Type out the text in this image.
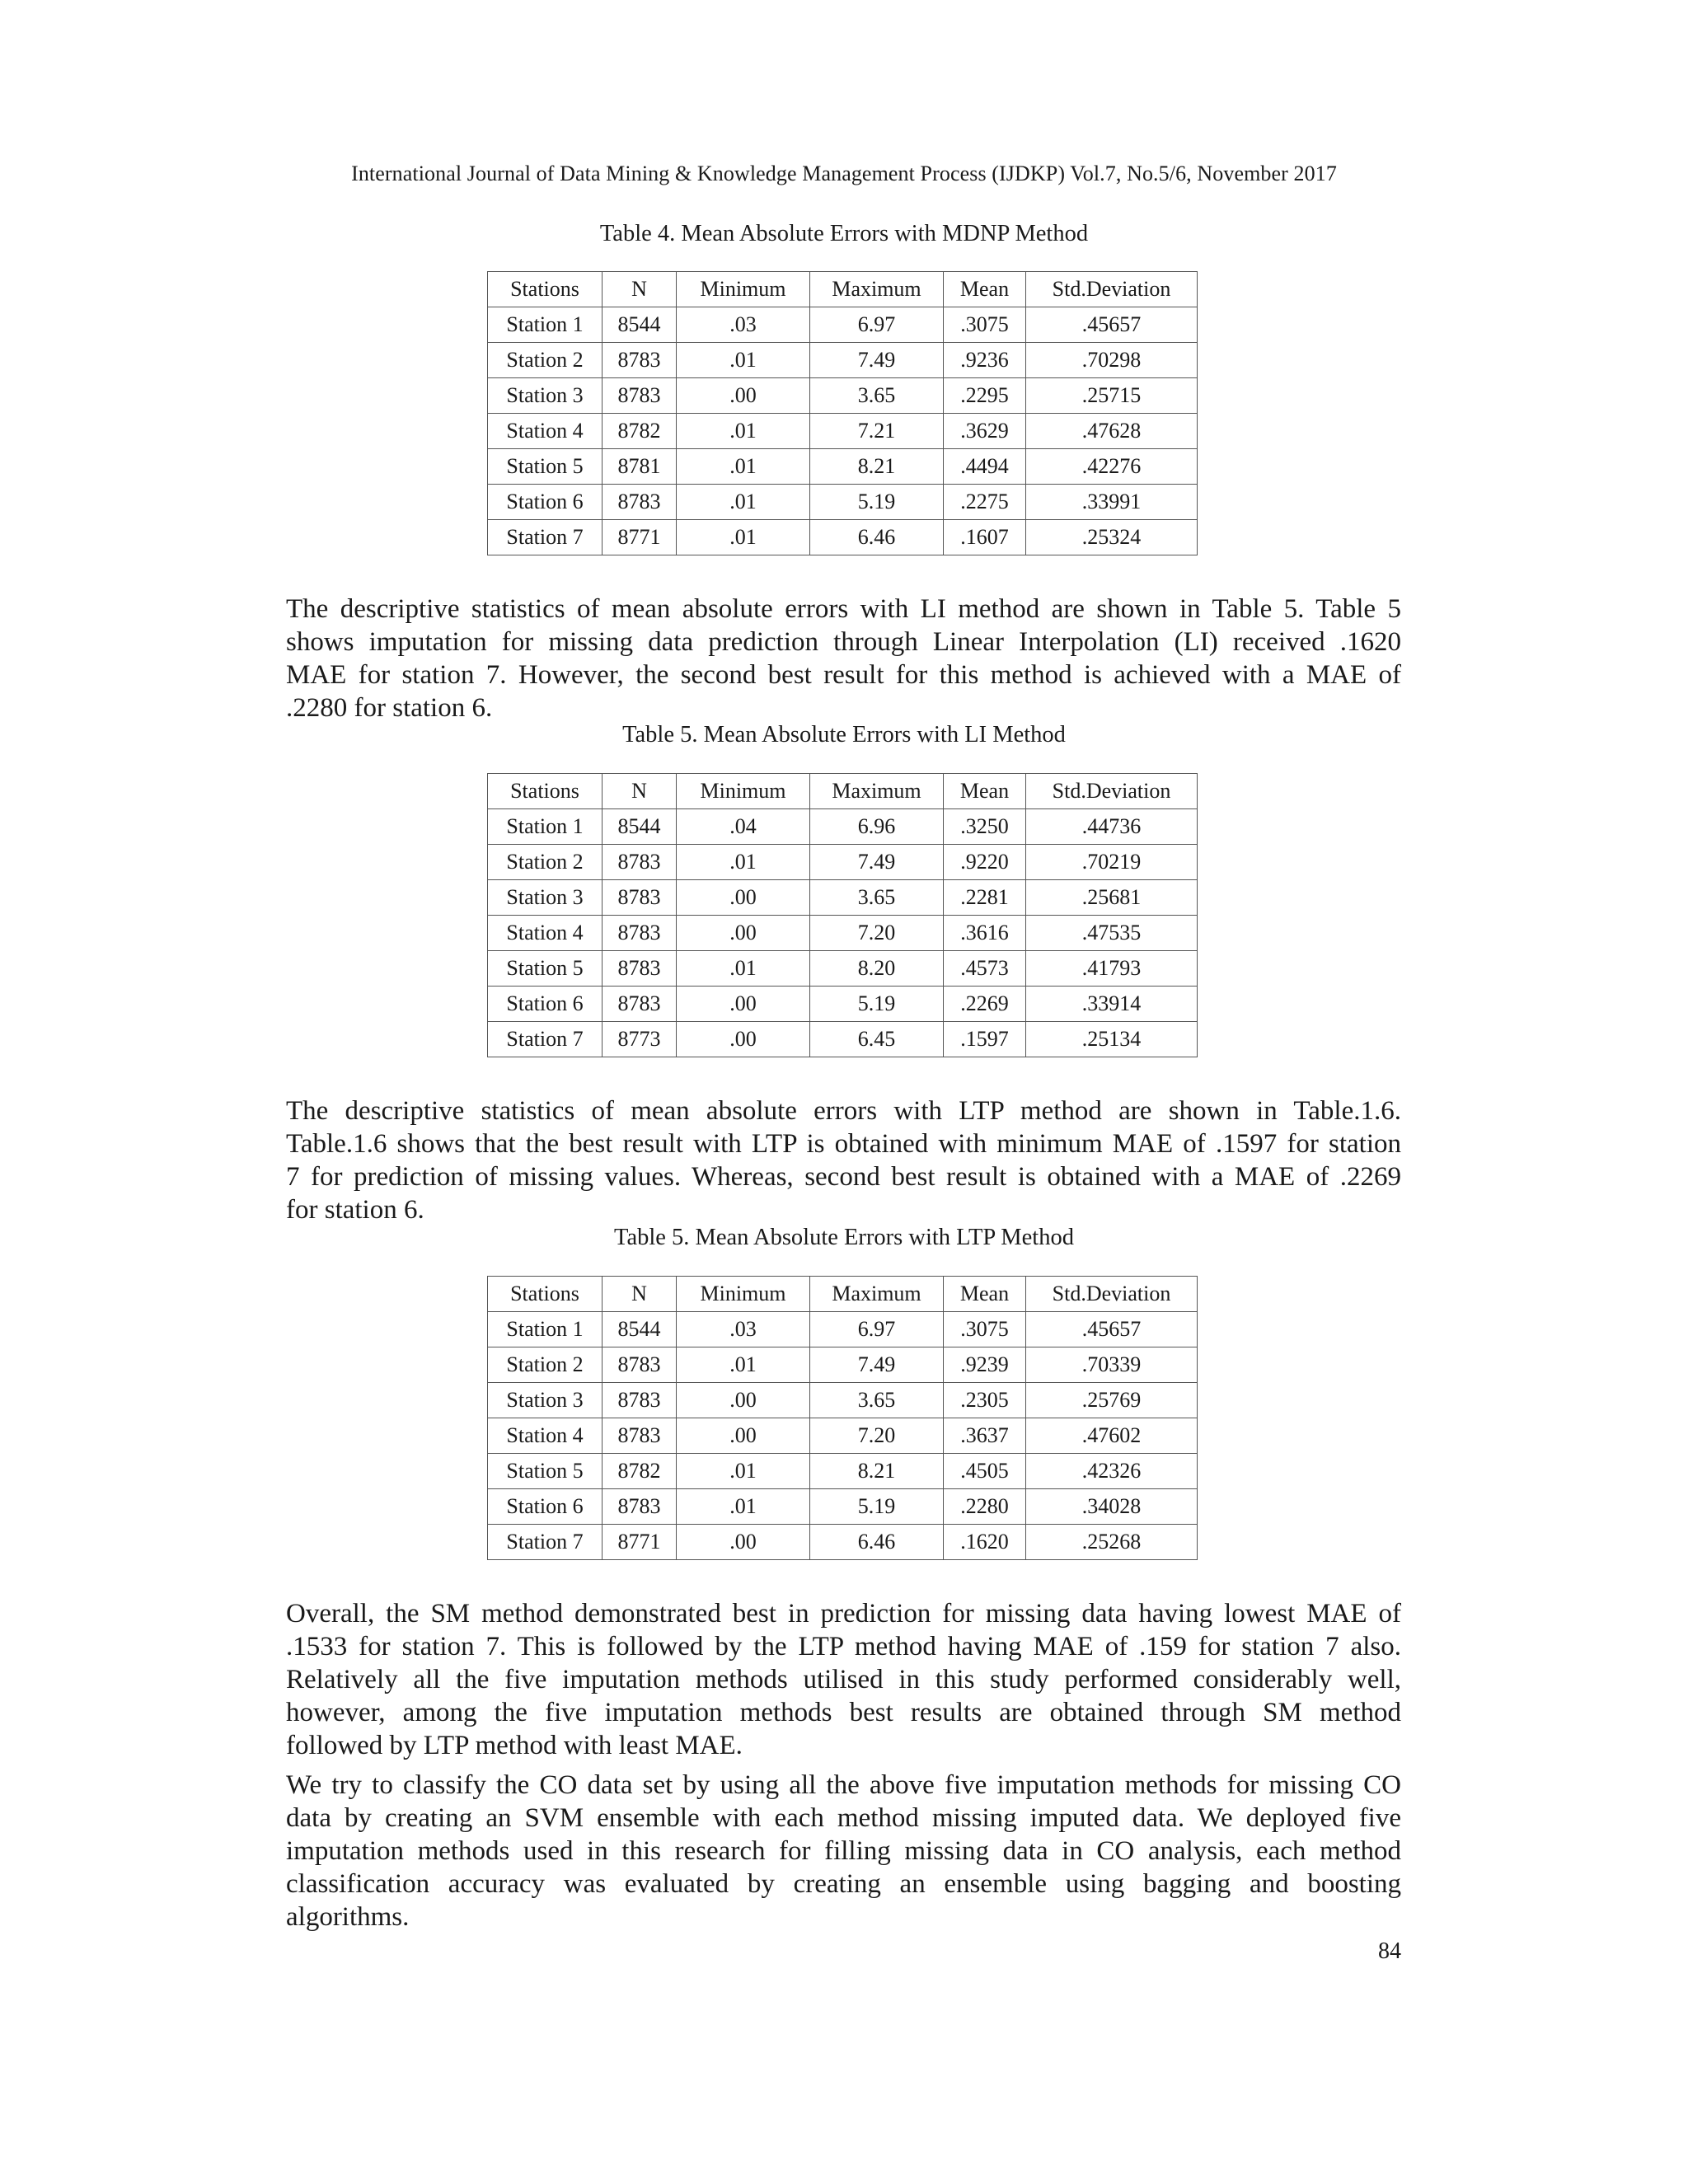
International Journal of Data Mining & Knowledge Management Process (IJDKP) Vol.7, No.5/6, November 2017
Table 4. Mean Absolute Errors with MDNP Method
Stations	N	Minimum	Maximum	Mean	Std.Deviation
Station 1	8544	.03	6.97	.3075	.45657
Station 2	8783	.01	7.49	.9236	.70298
Station 3	8783	.00	3.65	.2295	.25715
Station 4	8782	.01	7.21	.3629	.47628
Station 5	8781	.01	8.21	.4494	.42276
Station 6	8783	.01	5.19	.2275	.33991
Station 7	8771	.01	6.46	.1607	.25324
The descriptive statistics of mean absolute errors with LI method are shown in Table 5. Table 5
shows imputation for missing data prediction through Linear Interpolation (LI) received .1620
MAE for station 7. However, the second best result for this method is achieved with a MAE of
.2280 for station 6.
Table 5. Mean Absolute Errors with LI Method
Stations	N	Minimum	Maximum	Mean	Std.Deviation
Station 1	8544	.04	6.96	.3250	.44736
Station 2	8783	.01	7.49	.9220	.70219
Station 3	8783	.00	3.65	.2281	.25681
Station 4	8783	.00	7.20	.3616	.47535
Station 5	8783	.01	8.20	.4573	.41793
Station 6	8783	.00	5.19	.2269	.33914
Station 7	8773	.00	6.45	.1597	.25134
The descriptive statistics of mean absolute errors with LTP method are shown in Table.1.6.
Table.1.6 shows that the best result with LTP is obtained with minimum MAE of .1597 for station
7 for prediction of missing values. Whereas, second best result is obtained with a MAE of .2269
for station 6.
Table 5. Mean Absolute Errors with LTP Method
Stations	N	Minimum	Maximum	Mean	Std.Deviation
Station 1	8544	.03	6.97	.3075	.45657
Station 2	8783	.01	7.49	.9239	.70339
Station 3	8783	.00	3.65	.2305	.25769
Station 4	8783	.00	7.20	.3637	.47602
Station 5	8782	.01	8.21	.4505	.42326
Station 6	8783	.01	5.19	.2280	.34028
Station 7	8771	.00	6.46	.1620	.25268
Overall, the SM method demonstrated best in prediction for missing data having lowest MAE of
.1533 for station 7. This is followed by the LTP method having MAE of .159 for station 7 also.
Relatively all the five imputation methods utilised in this study performed considerably well,
however, among the five imputation methods best results are obtained through SM method
followed by LTP method with least MAE.
We try to classify the CO data set by using all the above five imputation methods for missing CO
data by creating an SVM ensemble with each method missing imputed data. We deployed five
imputation methods used in this research for filling missing data in CO analysis, each method
classification accuracy was evaluated by creating an ensemble using bagging and boosting
algorithms.
84
